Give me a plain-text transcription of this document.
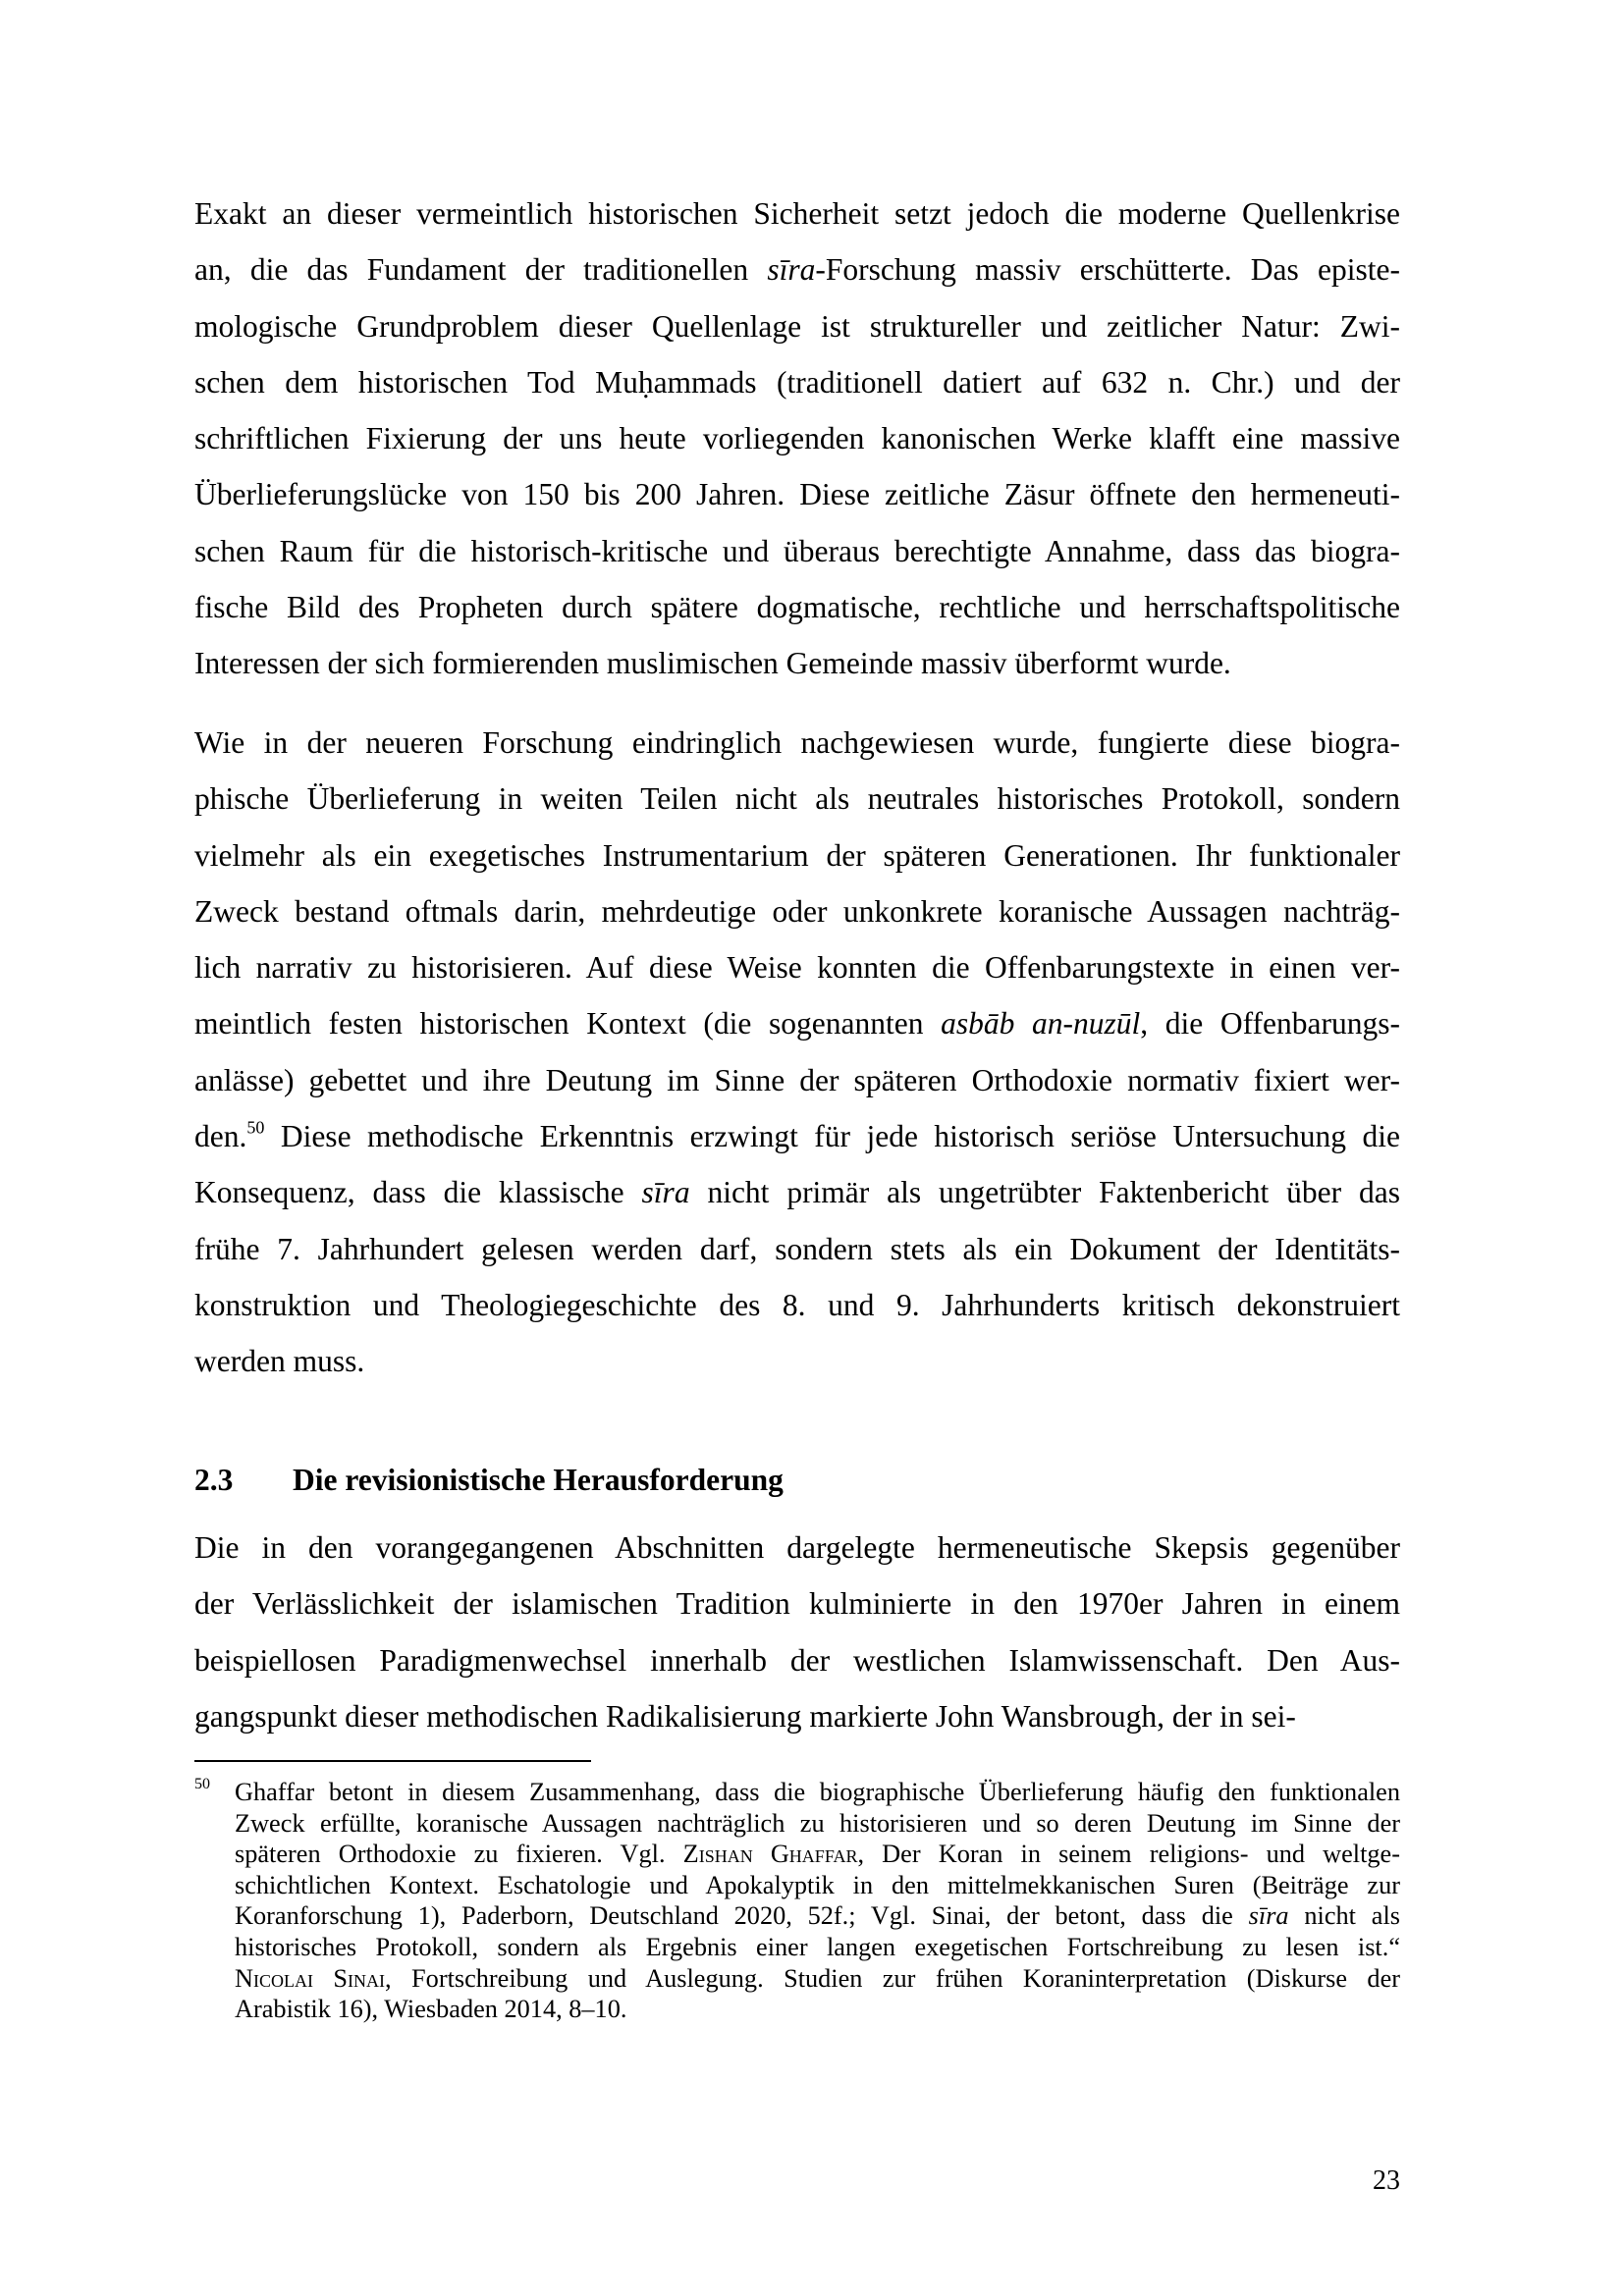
Exakt an dieser vermeintlich historischen Sicherheit setzt jedoch die moderne Quellenkrise
an, die das Fundament der traditionellen sīra-Forschung massiv erschütterte. Das episte-
mologische Grundproblem dieser Quellenlage ist struktureller und zeitlicher Natur: Zwi-
schen dem historischen Tod Muḥammads (traditionell datiert auf 632 n. Chr.) und der
schriftlichen Fixierung der uns heute vorliegenden kanonischen Werke klafft eine massive
Überlieferungslücke von 150 bis 200 Jahren. Diese zeitliche Zäsur öffnete den hermeneuti-
schen Raum für die historisch-kritische und überaus berechtigte Annahme, dass das biogra-
fische Bild des Propheten durch spätere dogmatische, rechtliche und herrschaftspolitische
Interessen der sich formierenden muslimischen Gemeinde massiv überformt wurde.
Wie in der neueren Forschung eindringlich nachgewiesen wurde, fungierte diese biogra-
phische Überlieferung in weiten Teilen nicht als neutrales historisches Protokoll, sondern
vielmehr als ein exegetisches Instrumentarium der späteren Generationen. Ihr funktionaler
Zweck bestand oftmals darin, mehrdeutige oder unkonkrete koranische Aussagen nachträg-
lich narrativ zu historisieren. Auf diese Weise konnten die Offenbarungstexte in einen ver-
meintlich festen historischen Kontext (die sogenannten asbāb an-nuzūl, die Offenbarungs-
anlässe) gebettet und ihre Deutung im Sinne der späteren Orthodoxie normativ fixiert wer-
den.$^{50}$ Diese methodische Erkenntnis erzwingt für jede historisch seriöse Untersuchung die
Konsequenz, dass die klassische sīra nicht primär als ungetrübter Faktenbericht über das
frühe 7. Jahrhundert gelesen werden darf, sondern stets als ein Dokument der Identitäts-
konstruktion und Theologiegeschichte des 8. und 9. Jahrhunderts kritisch dekonstruiert
werden muss.
2.3 Die revisionistische Herausforderung
Die in den vorangegangenen Abschnitten dargelegte hermeneutische Skepsis gegenüber
der Verlässlichkeit der islamischen Tradition kulminierte in den 1970er Jahren in einem
beispiellosen Paradigmenwechsel innerhalb der westlichen Islamwissenschaft. Den Aus-
gangspunkt dieser methodischen Radikalisierung markierte John Wansbrough, der in sei-
50 Ghaffar betont in diesem Zusammenhang, dass die biographische Überlieferung häufig den funktionalen
Zweck erfüllte, koranische Aussagen nachträglich zu historisieren und so deren Deutung im Sinne der
späteren Orthodoxie zu fixieren. Vgl. Zishan Ghaffar, Der Koran in seinem religions- und weltge-
schichtlichen Kontext. Eschatologie und Apokalyptik in den mittelmekkanischen Suren (Beiträge zur
Koranforschung 1), Paderborn, Deutschland 2020, 52f.; Vgl. Sinai, der betont, dass die sīra nicht als
historisches Protokoll, sondern als Ergebnis einer langen exegetischen Fortschreibung zu lesen ist.“
Nicolai Sinai, Fortschreibung und Auslegung. Studien zur frühen Koraninterpretation (Diskurse der
Arabistik 16), Wiesbaden 2014, 8–10.
23
